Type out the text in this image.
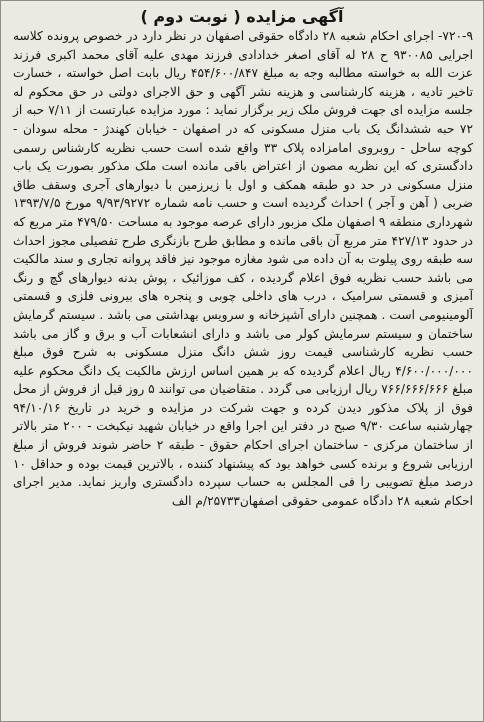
آگهی مزایده ( نوبت دوم )

۷۲۰-۹- اجرای احکام شعبه ۲۸ دادگاه حقوقی اصفهان در نظر دارد در خصوص پرونده کلاسه اجرایی ۹۳۰۰۸۵ ح ۲۸ له آقای اصغر خدادادی فرزند مهدی علیه آقای محمد اکبری فرزند عزت الله به خواسته مطالبه وجه به مبلغ ۴۵۴/۶۰۰/۸۴۷ ریال بابت اصل خواسته ، خسارت تاخیر تادیه ، هزینه کارشناسی و هزینه نشر آگهی و حق الاجرای دولتی در حق محکوم له جلسه مزایده ای جهت فروش ملک زیر برگزار نماید : مورد مزایده عبارتست از ۷/۱۱ حبه از ۷۲ حبه ششدانگ یک باب منزل مسکونی که در اصفهان - خیابان کهندژ - محله سودان - کوچه ساحل - روبروی امامزاده پلاک ۳۳ واقع شده است حسب نظریه کارشناس رسمی دادگستری که این نظریه مصون از اعتراض باقی مانده است ملک مذکور بصورت یک باب منزل مسکونی در حد دو طبقه همکف و اول با زیرزمین با دیوارهای آجری وسقف طاق ضربی ( آهن و آجر ) احداث گردیده است و حسب نامه شماره ۹/۹۳/۹۲۷۲ مورخ ۱۳۹۳/۷/۵ شهرداری منطقه ۹ اصفهان ملک مزبور دارای عرصه موجود به مساحت ۴۷۹/۵۰ متر مربع که در حدود ۴۲۷/۱۳ متر مربع آن باقی مانده و مطابق طرح بازنگری طرح تفصیلی مجوز احداث سه طبقه روی پیلوت به آن داده می شود مغازه موجود نیز فاقد پروانه تجاری و سند مالکیت می باشد حسب نظریه فوق اعلام گردیده ، کف موزائیک ، پوش بدنه دیوارهای گچ و رنگ آمیزی و قسمتی سرامیک ، درب های داخلی چوبی و پنجره های بیرونی فلزی و قسمتی آلومینیومی است . همچنین دارای آشپزخانه و سرویس بهداشتی می باشد . سیستم گرمایش ساختمان و سیستم سرمایش کولر می باشد و دارای انشعابات آب و برق و گاز می باشد حسب نظریه کارشناسی قیمت روز شش دانگ منزل مسکونی به شرح فوق مبلغ ۴/۶۰۰/۰۰۰/۰۰۰ ریال اعلام گردیده که بر همین اساس ارزش مالکیت یک دانگ محکوم علیه مبلغ ۷۶۶/۶۶۶/۶۶۶ ریال ارزیابی می گردد . متقاضیان می توانند ۵ روز قبل از فروش از محل فوق از پلاک مذکور دیدن کرده و جهت شرکت در مزایده و خرید در تاریخ ۹۴/۱۰/۱۶ چهارشنبه ساعت ۹/۳۰ صبح در دفتر این اجرا واقع در خیابان شهید نیکبخت - ۲۰۰ متر بالاتر از ساختمان مرکزی - ساختمان اجرای احکام حقوق - طبقه ۲ حاضر شوند فروش از مبلغ ارزیابی شروع و برنده کسی خواهد بود که پیشنهاد کننده ، بالاترین قیمت بوده و حداقل ۱۰ درصد مبلغ تصویبی را فی المجلس به حساب سپرده دادگستری واریز نماید. مدیر اجرای احکام شعبه ۲۸ دادگاه عمومی حقوقی اصفهان۲۵۷۳۳/م الف
